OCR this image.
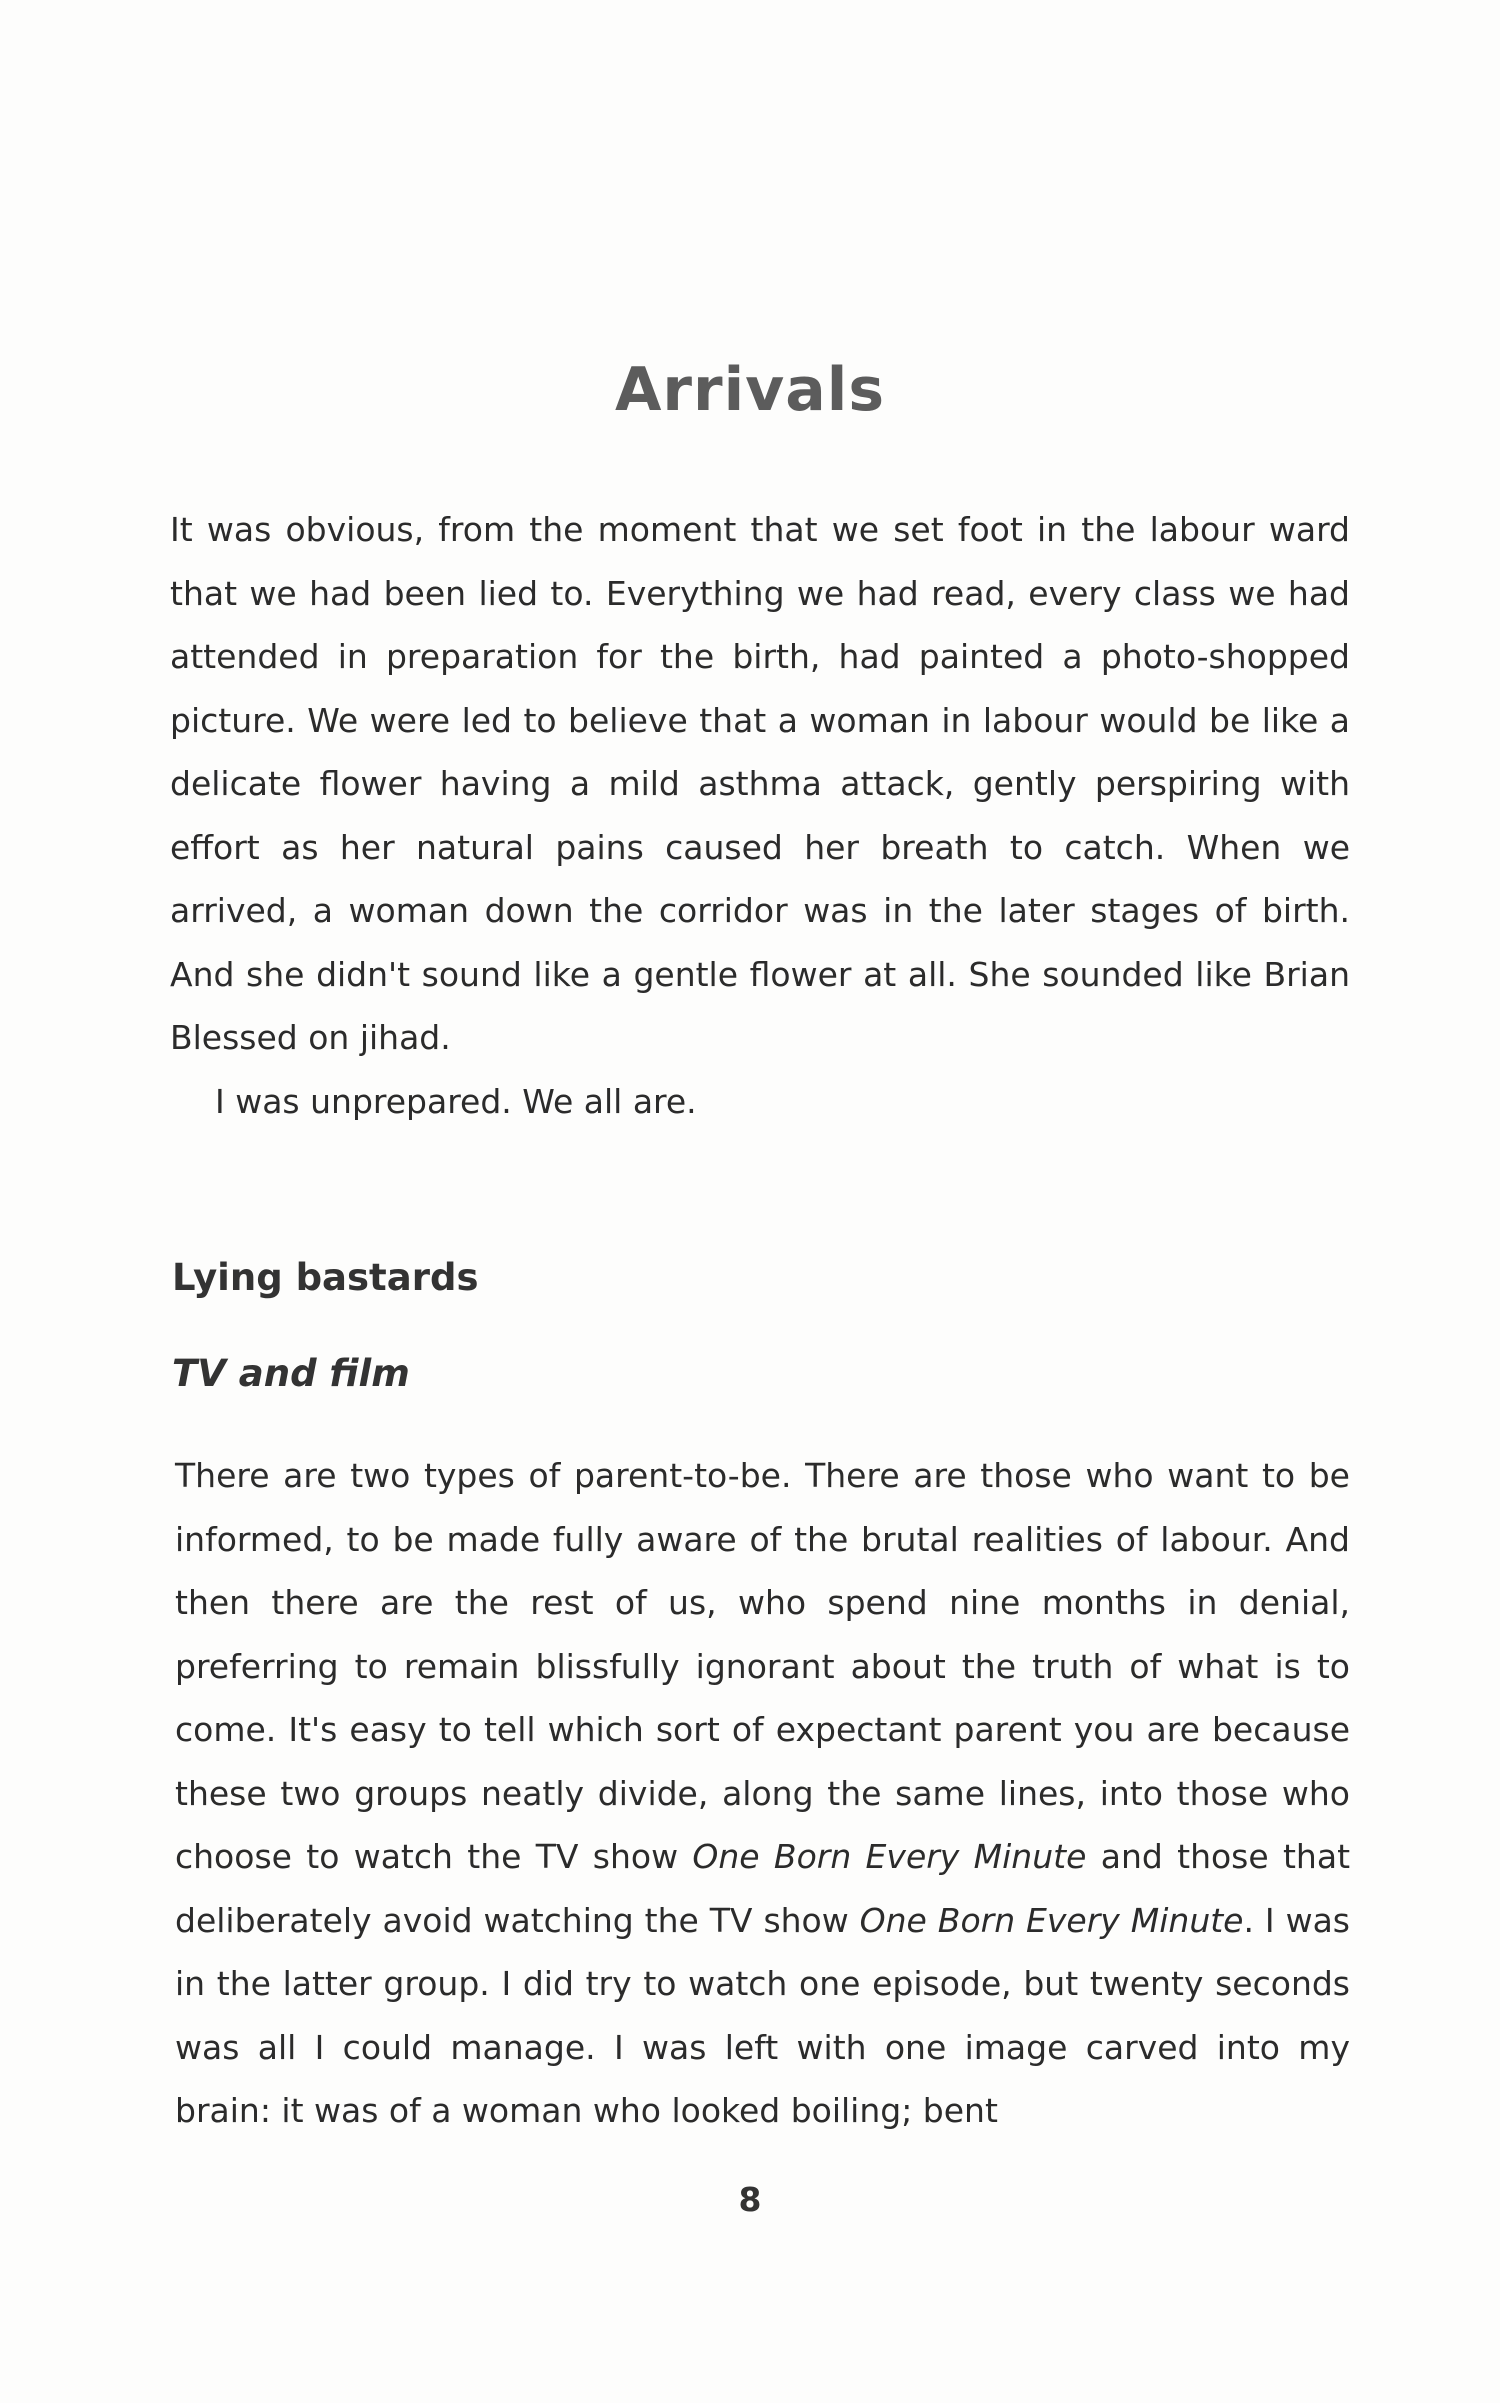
Arrivals

It was obvious, from the moment that we set foot in the labour ward that we had been lied to. Everything we had read, every class we had attended in preparation for the birth, had painted a photo-shopped picture. We were led to believe that a woman in labour would be like a delicate flower having a mild asthma attack, gently perspiring with effort as her natural pains caused her breath to catch. When we arrived, a woman down the corridor was in the later stages of birth. And she didn't sound like a gentle flower at all. She sounded like Brian Blessed on jihad.

I was unprepared. We all are.

Lying bastards
TV and film

There are two types of parent-to-be. There are those who want to be informed, to be made fully aware of the brutal realities of labour. And then there are the rest of us, who spend nine months in denial, preferring to remain blissfully ignorant about the truth of what is to come. It's easy to tell which sort of expectant parent you are because these two groups neatly divide, along the same lines, into those who choose to watch the TV show One Born Every Minute and those that deliberately avoid watching the TV show One Born Every Minute. I was in the latter group. I did try to watch one episode, but twenty seconds was all I could manage. I was left with one image carved into my brain: it was of a woman who looked boiling; bent

8
